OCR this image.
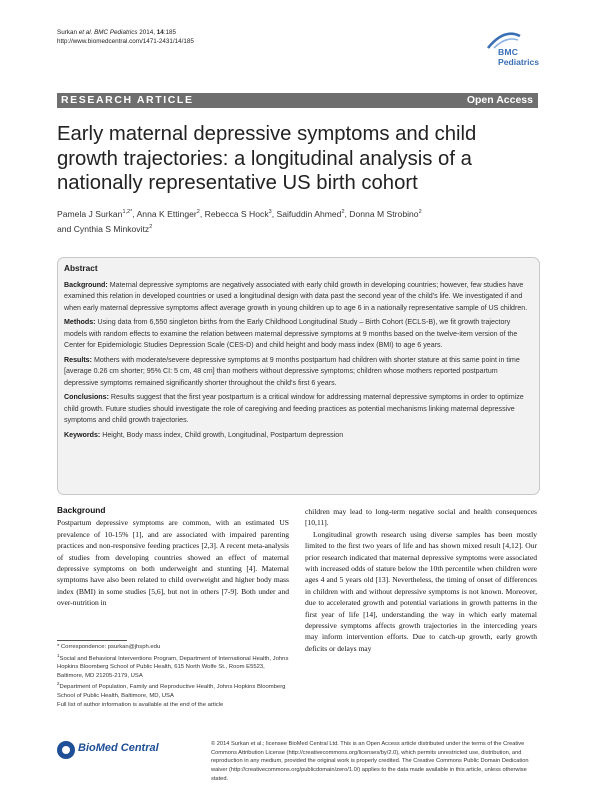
Surkan et al. BMC Pediatrics 2014, 14:185
http://www.biomedcentral.com/1471-2431/14/185
BMC
Pediatrics
RESEARCH ARTICLE	Open Access
Early maternal depressive symptoms and child growth trajectories: a longitudinal analysis of a nationally representative US birth cohort
Pamela J Surkan$^{1,2*}$, Anna K Ettinger$^2$, Rebecca S Hock$^3$, Saifuddin Ahmed$^2$, Donna M Strobino$^2$
and Cynthia S Minkovitz$^2$
Abstract

Background: Maternal depressive symptoms are negatively associated with early child growth in developing countries; however, few studies have examined this relation in developed countries or used a longitudinal design with data past the second year of the child's life. We investigated if and when early maternal depressive symptoms affect average growth in young children up to age 6 in a nationally representative sample of US children.

Methods: Using data from 6,550 singleton births from the Early Childhood Longitudinal Study – Birth Cohort (ECLS-B), we fit growth trajectory models with random effects to examine the relation between maternal depressive symptoms at 9 months based on the twelve-item version of the Center for Epidemiologic Studies Depression Scale (CES-D) and child height and body mass index (BMI) to age 6 years.

Results: Mothers with moderate/severe depressive symptoms at 9 months postpartum had children with shorter stature at this same point in time [average 0.26 cm shorter; 95% CI: 5 cm, 48 cm] than mothers without depressive symptoms; children whose mothers reported postpartum depressive symptoms remained significantly shorter throughout the child's first 6 years.

Conclusions: Results suggest that the first year postpartum is a critical window for addressing maternal depressive symptoms in order to optimize child growth. Future studies should investigate the role of caregiving and feeding practices as potential mechanisms linking maternal depressive symptoms and child growth trajectories.

Keywords: Height, Body mass index, Child growth, Longitudinal, Postpartum depression

Background

Postpartum depressive symptoms are common, with an estimated US prevalence of 10-15% [1], and are associated with impaired parenting practices and non-responsive feeding practices [2,3]. A recent meta-analysis of studies from developing countries showed an effect of maternal depressive symptoms on both underweight and stunting [4]. Maternal symptoms have also been related to child overweight and higher body mass index (BMI) in some studies [5,6], but not in others [7-9]. Both under and over-nutrition in

children may lead to long-term negative social and health consequences [10,11].

Longitudinal growth research using diverse samples has been mostly limited to the first two years of life and has shown mixed result [4,12]. Our prior research indicated that maternal depressive symptoms were associated with increased odds of stature below the 10th percentile when children were ages 4 and 5 years old [13]. Nevertheless, the timing of onset of differences in children with and without depressive symptoms is not known. Moreover, due to accelerated growth and potential variations in growth patterns in the first year of life [14], understanding the way in which early maternal depressive symptoms affects growth trajectories in the interceding years may inform intervention efforts. Due to catch-up growth, early growth deficits or delays may

* Correspondence: psurkan@jhsph.edu
$^1$Social and Behavioral Interventions Program, Department of International Health, Johns Hopkins Bloomberg School of Public Health, 615 North Wolfe St., Room E5523, Baltimore, MD 21205-2179, USA
$^2$Department of Population, Family and Reproductive Health, Johns Hopkins Bloomberg School of Public Health, Baltimore, MD, USA
Full list of author information is available at the end of the article
BioMed Central	© 2014 Surkan et al.; licensee BioMed Central Ltd. This is an Open Access article distributed under the terms of the Creative Commons Attribution License (http://creativecommons.org/licenses/by/2.0), which permits unrestricted use, distribution, and reproduction in any medium, provided the original work is properly credited. The Creative Commons Public Domain Dedication waiver (http://creativecommons.org/publicdomain/zero/1.0/) applies to the data made available in this article, unless otherwise stated.
